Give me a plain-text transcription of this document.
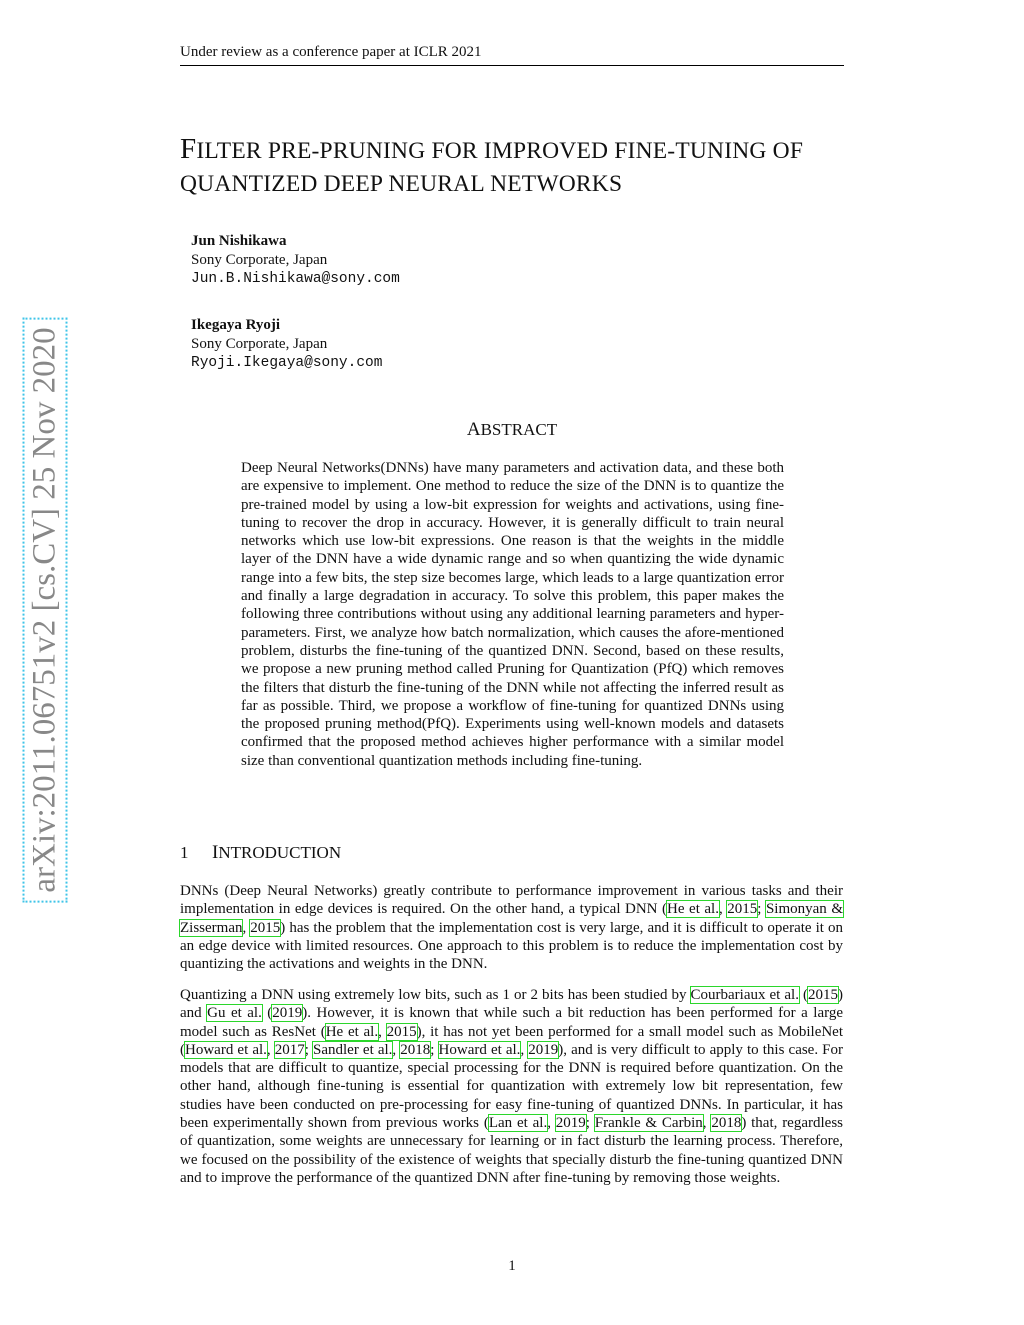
Under review as a conference paper at ICLR 2021
arXiv:2011.06751v2 [cs.CV] 25 Nov 2020
FILTER PRE-PRUNING FOR IMPROVED FINE-TUNING OF
QUANTIZED DEEP NEURAL NETWORKS
Jun Nishikawa
Sony Corporate, Japan
Jun.B.Nishikawa@sony.com
Ikegaya Ryoji
Sony Corporate, Japan
Ryoji.Ikegaya@sony.com
ABSTRACT
Deep Neural Networks(DNNs) have many parameters and activation data, and these both are expensive to implement. One method to reduce the size of the DNN is to quantize the pre-trained model by using a low-bit expression for weights and activations, using fine-tuning to recover the drop in accuracy. However, it is generally difficult to train neural networks which use low-bit expressions. One reason is that the weights in the middle layer of the DNN have a wide dynamic range and so when quantizing the wide dynamic range into a few bits, the step size becomes large, which leads to a large quantization error and finally a large degradation in accuracy. To solve this problem, this paper makes the following three contributions without using any additional learning parameters and hyper-parameters. First, we analyze how batch normalization, which causes the afore-mentioned problem, disturbs the fine-tuning of the quantized DNN. Second, based on these results, we propose a new pruning method called Pruning for Quantization (PfQ) which removes the filters that disturb the fine-tuning of the DNN while not affecting the inferred result as far as possible. Third, we propose a workflow of fine-tuning for quantized DNNs using the proposed pruning method(PfQ). Experiments using well-known models and datasets confirmed that the proposed method achieves higher performance with a similar model size than conventional quantization methods including fine-tuning.
1 INTRODUCTION

DNNs (Deep Neural Networks) greatly contribute to performance improvement in various tasks and their implementation in edge devices is required. On the other hand, a typical DNN (He et al., 2015; Simonyan & Zisserman, 2015) has the problem that the implementation cost is very large, and it is difficult to operate it on an edge device with limited resources. One approach to this problem is to reduce the implementation cost by quantizing the activations and weights in the DNN.

Quantizing a DNN using extremely low bits, such as 1 or 2 bits has been studied by Courbariaux et al. (2015) and Gu et al. (2019). However, it is known that while such a bit reduction has been performed for a large model such as ResNet (He et al., 2015), it has not yet been performed for a small model such as MobileNet (Howard et al., 2017; Sandler et al., 2018; Howard et al., 2019), and is very difficult to apply to this case. For models that are difficult to quantize, special processing for the DNN is required before quantization. On the other hand, although fine-tuning is essential for quantization with extremely low bit representation, few studies have been conducted on pre-processing for easy fine-tuning of quantized DNNs. In particular, it has been experimentally shown from previous works (Lan et al., 2019; Frankle & Carbin, 2018) that, regardless of quantization, some weights are unnecessary for learning or in fact disturb the learning process. Therefore, we focused on the possibility of the existence of weights that specially disturb the fine-tuning quantized DNN and to improve the performance of the quantized DNN after fine-tuning by removing those weights.

1
